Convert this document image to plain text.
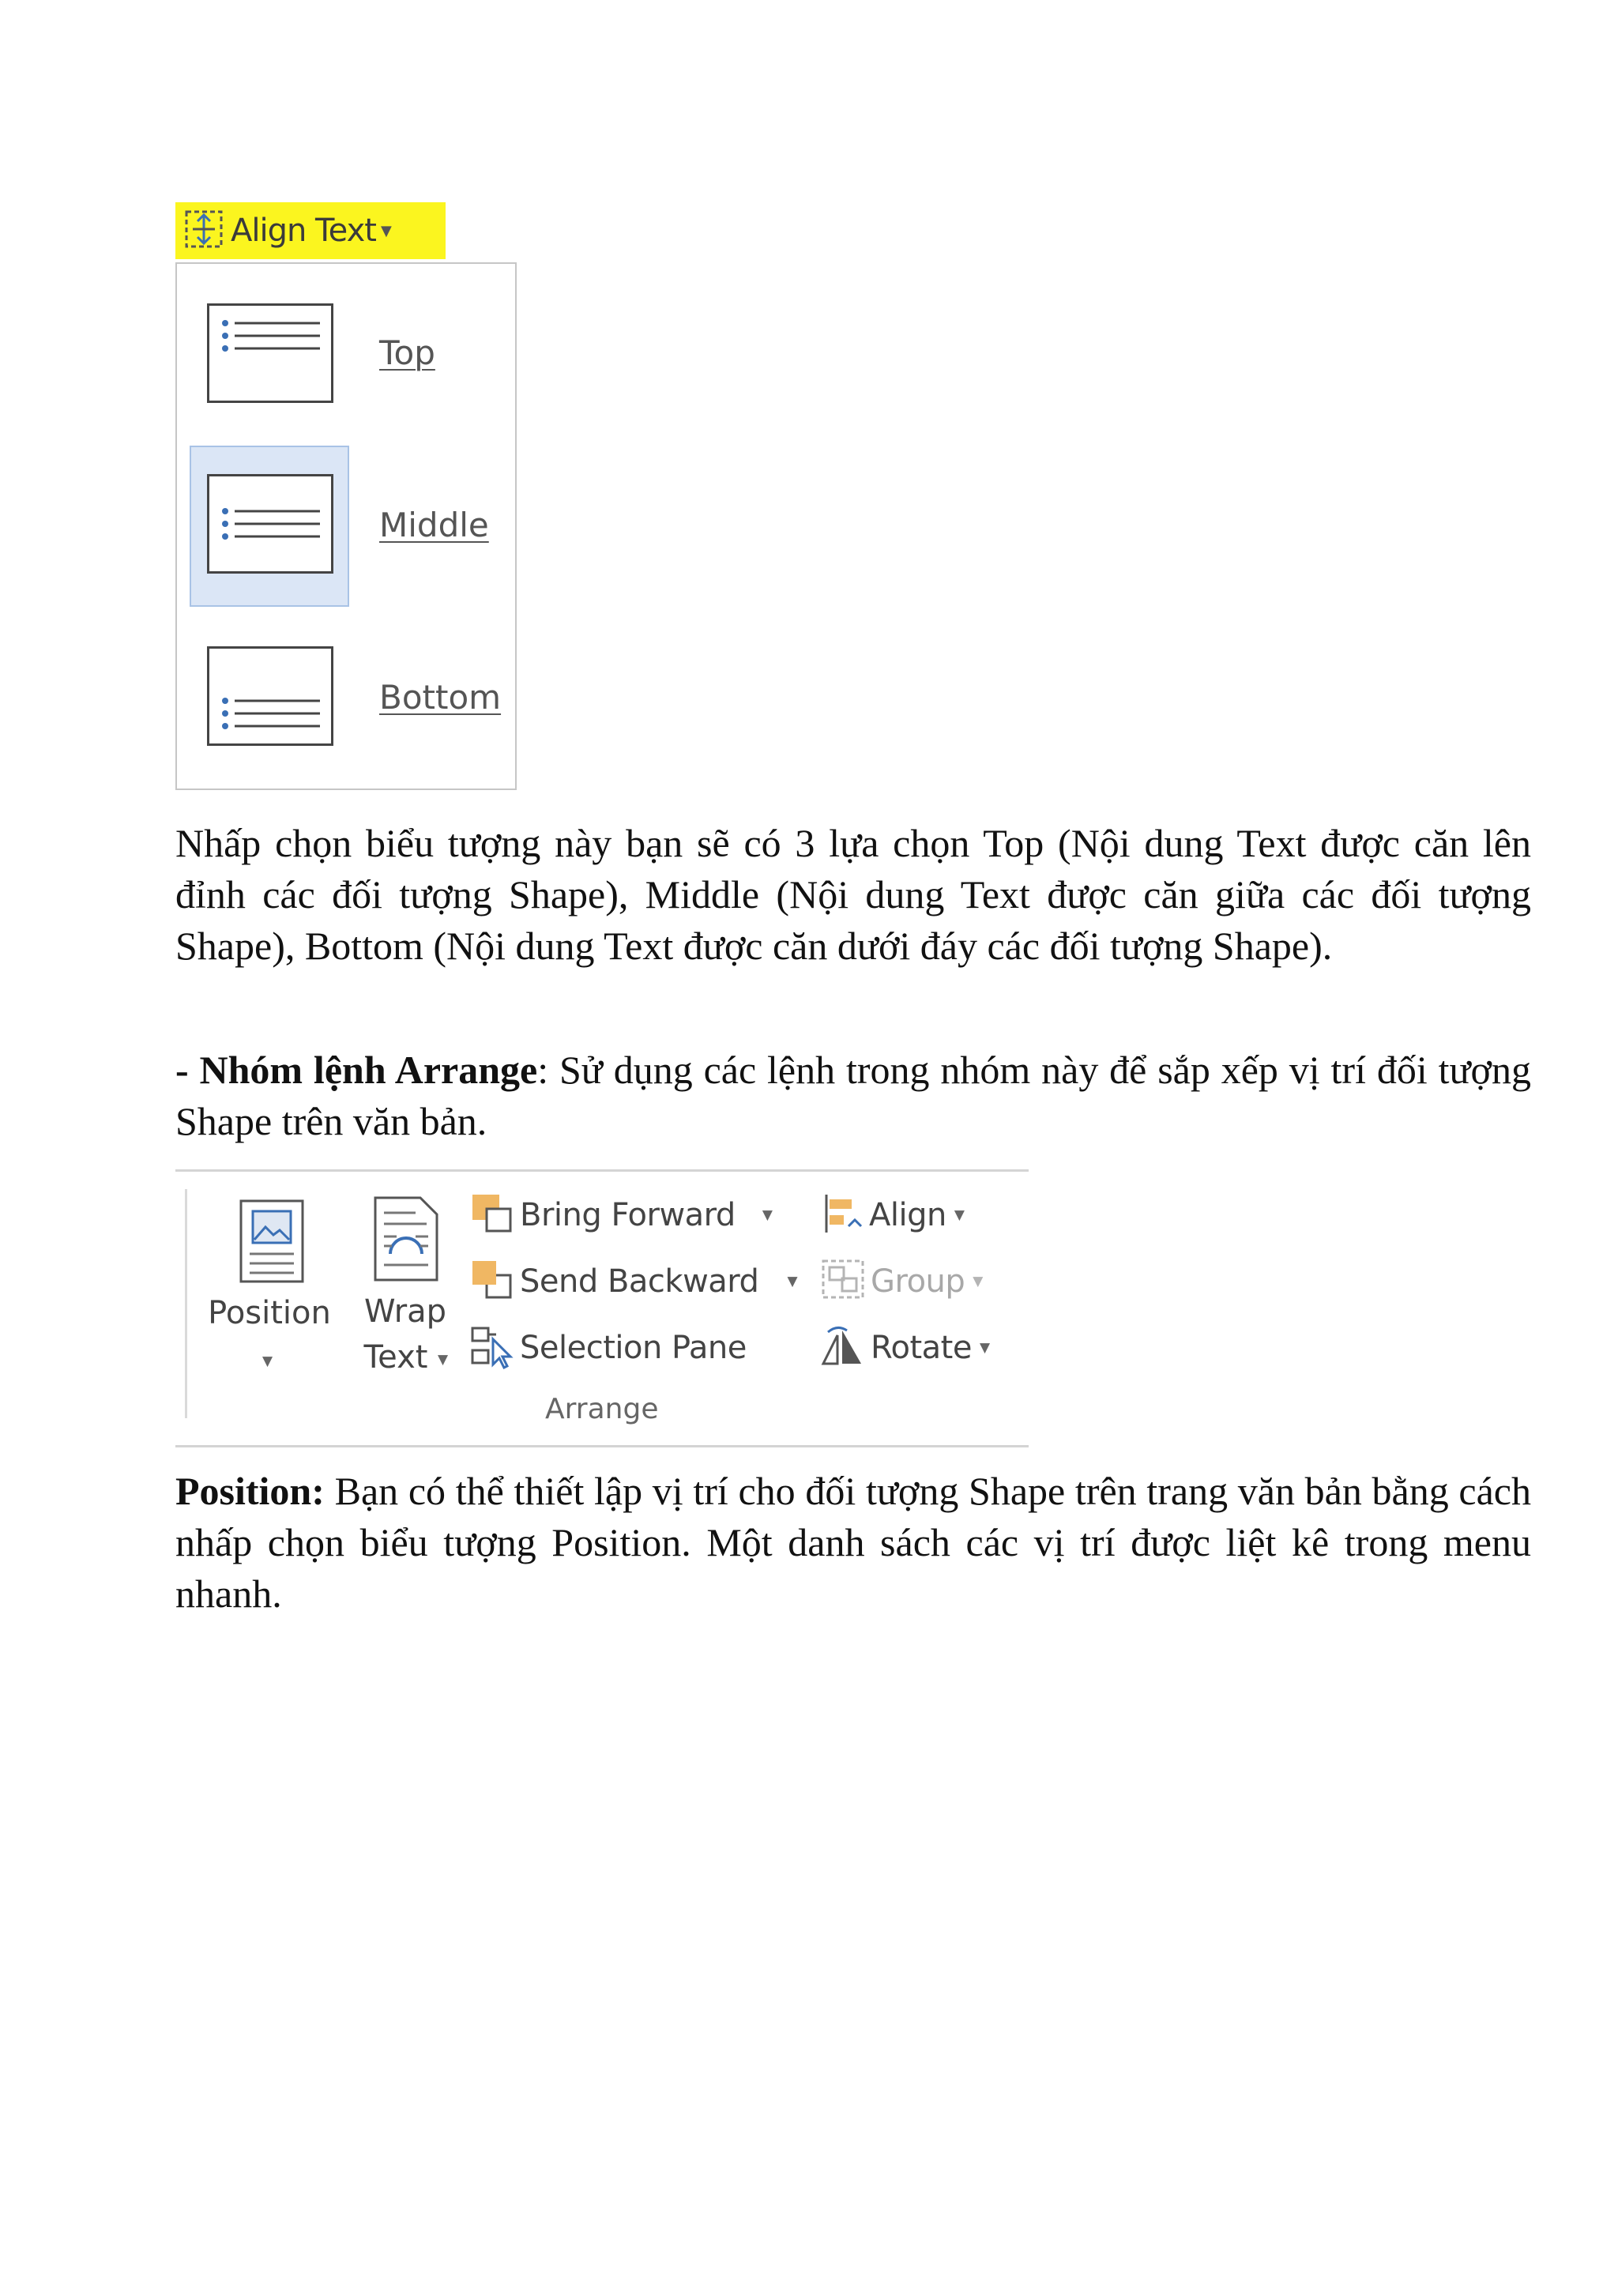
Align Text ▼
Top
Middle
Bottom

Nhấp chọn biểu tượng này bạn sẽ có 3 lựa chọn Top (Nội dung Text được căn lên đỉnh các đối tượng Shape), Middle (Nội dung Text được căn giữa các đối tượng Shape), Bottom (Nội dung Text được căn dưới đáy các đối tượng Shape).

- Nhóm lệnh Arrange: Sử dụng các lệnh trong nhóm này để sắp xếp vị trí đối tượng Shape trên văn bản.

Position
▼
Wrap
Text ▼
Bring Forward ▼
Send Backward ▼
Selection Pane
Align ▼
Group ▼
Rotate ▼
Arrange

Position: Bạn có thể thiết lập vị trí cho đối tượng Shape trên trang văn bản bằng cách nhấp chọn biểu tượng Position. Một danh sách các vị trí được liệt kê trong menu nhanh.
